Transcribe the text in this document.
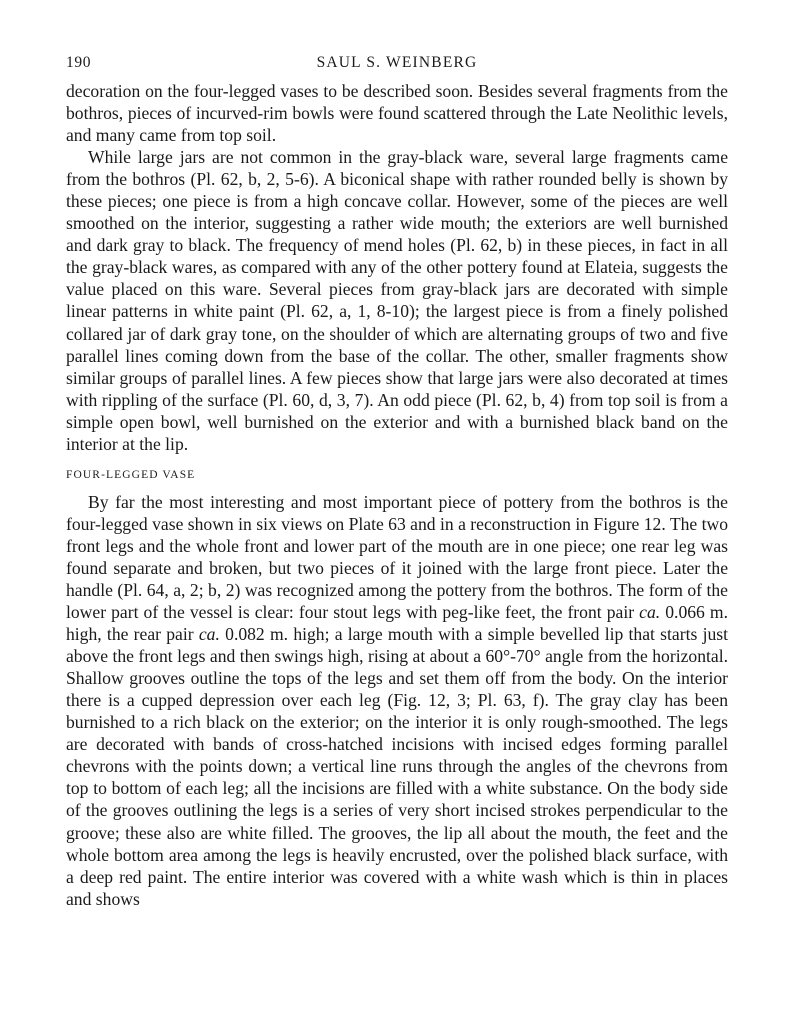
190	SAUL S. WEINBERG

decoration on the four-legged vases to be described soon. Besides several fragments from the bothros, pieces of incurved-rim bowls were found scattered through the Late Neolithic levels, and many came from top soil.

While large jars are not common in the gray-black ware, several large fragments came from the bothros (Pl. 62, b, 2, 5-6). A biconical shape with rather rounded belly is shown by these pieces; one piece is from a high concave collar. However, some of the pieces are well smoothed on the interior, suggesting a rather wide mouth; the exteriors are well burnished and dark gray to black. The frequency of mend holes (Pl. 62, b) in these pieces, in fact in all the gray-black wares, as compared with any of the other pottery found at Elateia, suggests the value placed on this ware. Several pieces from gray-black jars are decorated with simple linear patterns in white paint (Pl. 62, a, 1, 8-10); the largest piece is from a finely polished collared jar of dark gray tone, on the shoulder of which are alternating groups of two and five parallel lines coming down from the base of the collar. The other, smaller fragments show similar groups of parallel lines. A few pieces show that large jars were also decorated at times with rippling of the surface (Pl. 60, d, 3, 7). An odd piece (Pl. 62, b, 4) from top soil is from a simple open bowl, well burnished on the exterior and with a burnished black band on the interior at the lip.

FOUR-LEGGED VASE

By far the most interesting and most important piece of pottery from the bothros is the four-legged vase shown in six views on Plate 63 and in a reconstruction in Figure 12. The two front legs and the whole front and lower part of the mouth are in one piece; one rear leg was found separate and broken, but two pieces of it joined with the large front piece. Later the handle (Pl. 64, a, 2; b, 2) was recognized among the pottery from the bothros. The form of the lower part of the vessel is clear: four stout legs with peg-like feet, the front pair ca. 0.066 m. high, the rear pair ca. 0.082 m. high; a large mouth with a simple bevelled lip that starts just above the front legs and then swings high, rising at about a 60°-70° angle from the horizontal. Shallow grooves outline the tops of the legs and set them off from the body. On the interior there is a cupped depression over each leg (Fig. 12, 3; Pl. 63, f). The gray clay has been burnished to a rich black on the exterior; on the interior it is only rough-smoothed. The legs are decorated with bands of cross-hatched incisions with incised edges forming parallel chevrons with the points down; a vertical line runs through the angles of the chevrons from top to bottom of each leg; all the incisions are filled with a white substance. On the body side of the grooves outlining the legs is a series of very short incised strokes perpendicular to the groove; these also are white filled. The grooves, the lip all about the mouth, the feet and the whole bottom area among the legs is heavily encrusted, over the polished black surface, with a deep red paint. The entire interior was covered with a white wash which is thin in places and shows
